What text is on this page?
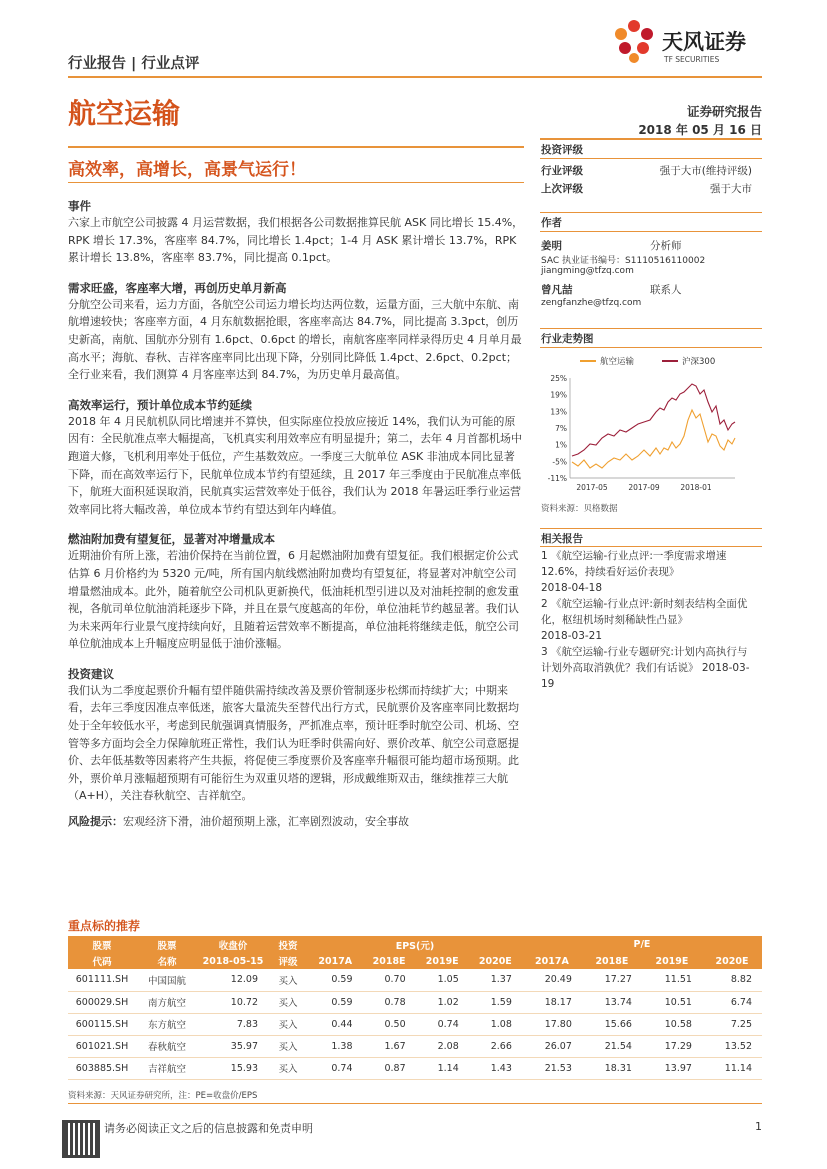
行业报告 | 行业点评
天风证券
TF SECURITIES
航空运输	证券研究报告
2018 年 05 月 16 日
高效率，高增长，高景气运行！
投资评级
行业评级	强于大市(维持评级)
上次评级	强于大市
作者
姜明	分析师
SAC 执业证书编号：S1110516110002
jiangming@tfzq.com
曾凡喆	联系人
zengfanzhe@tfzq.com
行业走势图
航空运输	沪深300
25%
19%
13%
7%
1%
-5%
-11%
2017-05	2017-09	2018-01
资料来源：贝格数据
相关报告
1 《航空运输-行业点评:一季度需求增速 12.6%，持续看好运价表现》
2018-04-18
2 《航空运输-行业点评:新时刻表结构全面优化，枢纽机场时刻稀缺性凸显》
2018-03-21
3 《航空运输-行业专题研究:计划内高执行与计划外高取消孰优？我们有话说》 2018-03-19
事件

六家上市航空公司披露 4 月运营数据，我们根据各公司数据推算民航 ASK 同比增长 15.4%，RPK 增长 17.3%，客座率 84.7%，同比增长 1.4pct；1-4 月 ASK 累计增长 13.7%，RPK 累计增长 13.8%，客座率 83.7%，同比提高 0.1pct。

需求旺盛，客座率大增，再创历史单月新高

分航空公司来看，运力方面，各航空公司运力增长均达两位数，运量方面，三大航中东航、南航增速较快；客座率方面，4 月东航数据抢眼，客座率高达 84.7%，同比提高 3.3pct，创历史新高，南航、国航亦分别有 1.6pct、0.6pct 的增长，南航客座率同样录得历史 4 月单月最高水平；海航、春秋、吉祥客座率同比出现下降，分别同比降低 1.4pct、2.6pct、0.2pct；全行业来看，我们测算 4 月客座率达到 84.7%，为历史单月最高值。

高效率运行，预计单位成本节约延续

2018 年 4 月民航机队同比增速并不算快，但实际座位投放应接近 14%，我们认为可能的原因有：全民航准点率大幅提高，飞机真实利用效率应有明显提升；第二，去年 4 月首都机场中跑道大修，飞机利用率处于低位，产生基数效应。一季度三大航单位 ASK 非油成本同比显著下降，而在高效率运行下，民航单位成本节约有望延续，且 2017 年三季度由于民航准点率低下，航班大面积延误取消，民航真实运营效率处于低谷，我们认为 2018 年暑运旺季行业运营效率同比将大幅改善，单位成本节约有望达到年内峰值。

燃油附加费有望复征，显著对冲增量成本

近期油价有所上涨，若油价保持在当前位置，6 月起燃油附加费有望复征。我们根据定价公式估算 6 月价格约为 5320 元/吨，所有国内航线燃油附加费均有望复征，将显著对冲航空公司增量燃油成本。此外，随着航空公司机队更新换代，低油耗机型引进以及对油耗控制的愈发重视，各航司单位航油消耗逐步下降，并且在景气度越高的年份，单位油耗节约越显著。我们认为未来两年行业景气度持续向好，且随着运营效率不断提高，单位油耗将继续走低，航空公司单位航油成本上升幅度应明显低于油价涨幅。

投资建议

我们认为二季度起票价升幅有望伴随供需持续改善及票价管制逐步松绑而持续扩大；中期来看，去年三季度因准点率低迷，旅客大量流失至替代出行方式，民航票价及客座率同比数据均处于全年较低水平，考虑到民航强调真情服务，严抓准点率，预计旺季时航空公司、机场、空管等多方面均会全力保障航班正常性，我们认为旺季时供需向好、票价改革、航空公司意愿提价、去年低基数等因素将产生共振，将促使三季度票价及客座率升幅很可能均超市场预期。此外，票价单月涨幅超预期有可能衍生为双重贝塔的逻辑，形成戴维斯双击，继续推荐三大航（A+H），关注春秋航空、吉祥航空。

风险提示：宏观经济下滑，油价超预期上涨，汇率剧烈波动，安全事故

重点标的推荐
股票	股票	收盘价	投资	EPS(元)				P/E			
代码	名称	2018-05-15	评级	2017A	2018E	2019E	2020E	2017A	2018E	2019E	2020E
601111.SH	中国国航	12.09	买入	0.59	0.70	1.05	1.37	20.49	17.27	11.51	8.82
600029.SH	南方航空	10.72	买入	0.59	0.78	1.02	1.59	18.17	13.74	10.51	6.74
600115.SH	东方航空	7.83	买入	0.44	0.50	0.74	1.08	17.80	15.66	10.58	7.25
601021.SH	春秋航空	35.97	买入	1.38	1.67	2.08	2.66	26.07	21.54	17.29	13.52
603885.SH	吉祥航空	15.93	买入	0.74	0.87	1.14	1.43	21.53	18.31	13.97	11.14
资料来源：天风证券研究所，注：PE=收盘价/EPS
请务必阅读正文之后的信息披露和免责申明	1
